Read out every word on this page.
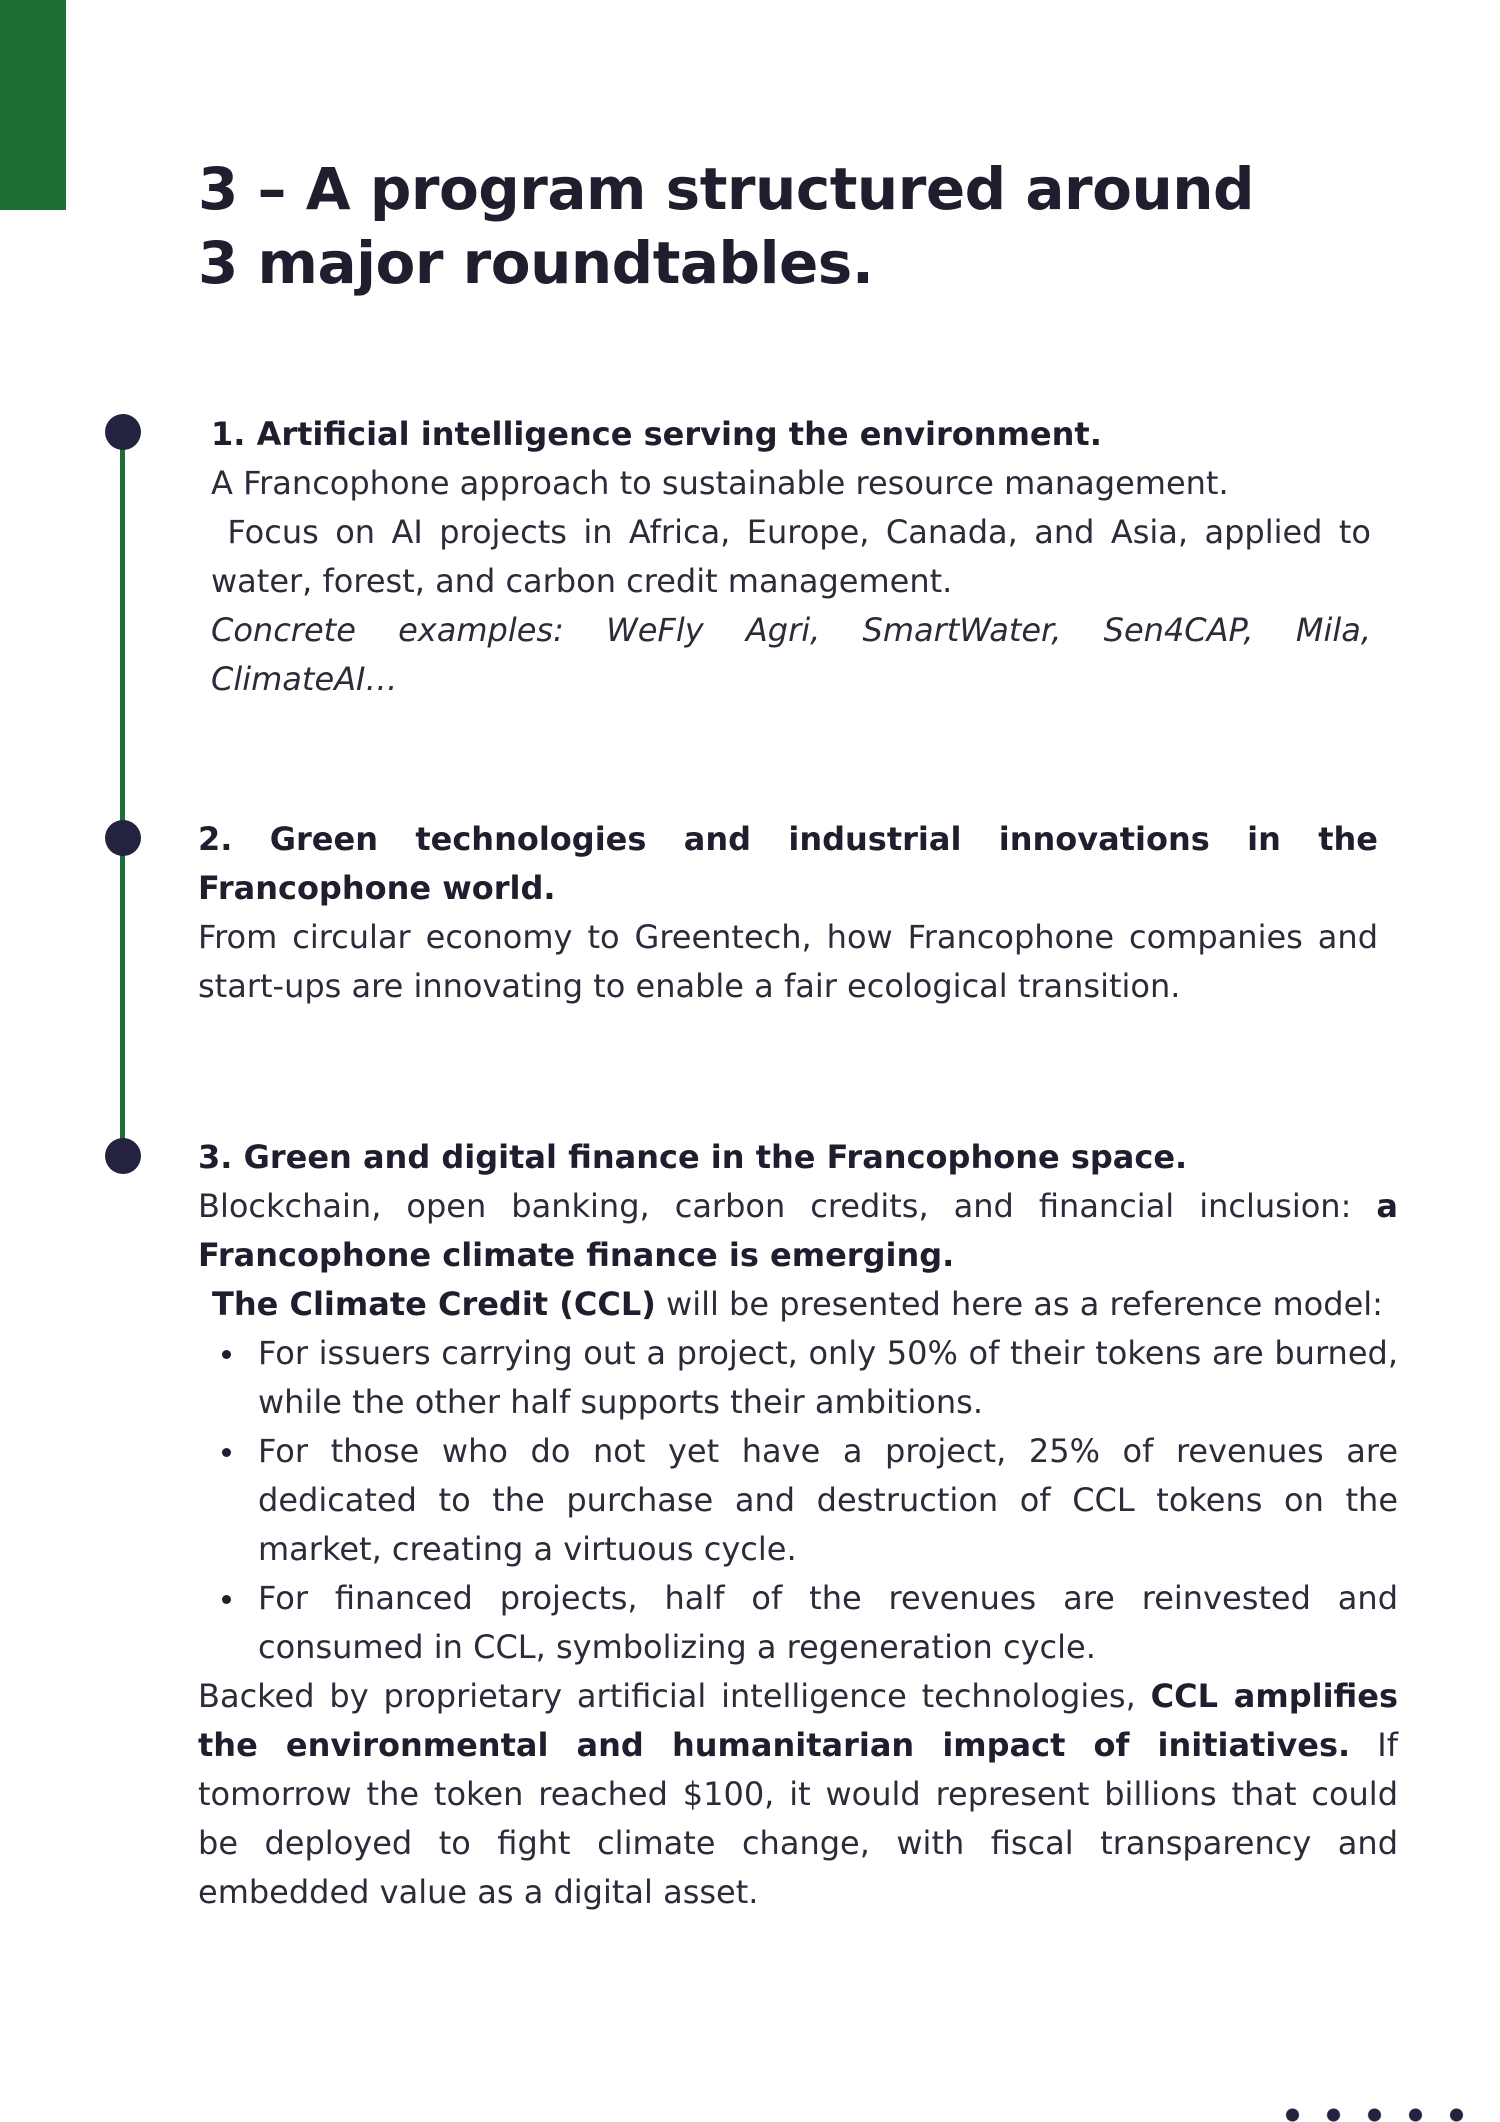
3 – A program structured around
3 major roundtables.

1. Artificial intelligence serving the environment.

A Francophone approach to sustainable resource management.

Focus on AI projects in Africa, Europe, Canada, and Asia, applied to water, forest, and carbon credit management.

Concrete examples: WeFly Agri, SmartWater, Sen4CAP, Mila, ClimateAI…

2. Green technologies and industrial innovations in the Francophone world.

From circular economy to Greentech, how Francophone companies and start-ups are innovating to enable a fair ecological transition.

3. Green and digital finance in the Francophone space.

Blockchain, open banking, carbon credits, and financial inclusion: a Francophone climate finance is emerging.

The Climate Credit (CCL) will be presented here as a reference model:

For issuers carrying out a project, only 50% of their tokens are burned, while the other half supports their ambitions.
For those who do not yet have a project, 25% of revenues are dedicated to the purchase and destruction of CCL tokens on the market, creating a virtuous cycle.
For financed projects, half of the revenues are reinvested and consumed in CCL, symbolizing a regeneration cycle.

Backed by proprietary artificial intelligence technologies, CCL amplifies the environmental and humanitarian impact of initiatives. If tomorrow the token reached $100, it would represent billions that could be deployed to fight climate change, with fiscal transparency and embedded value as a digital asset.
